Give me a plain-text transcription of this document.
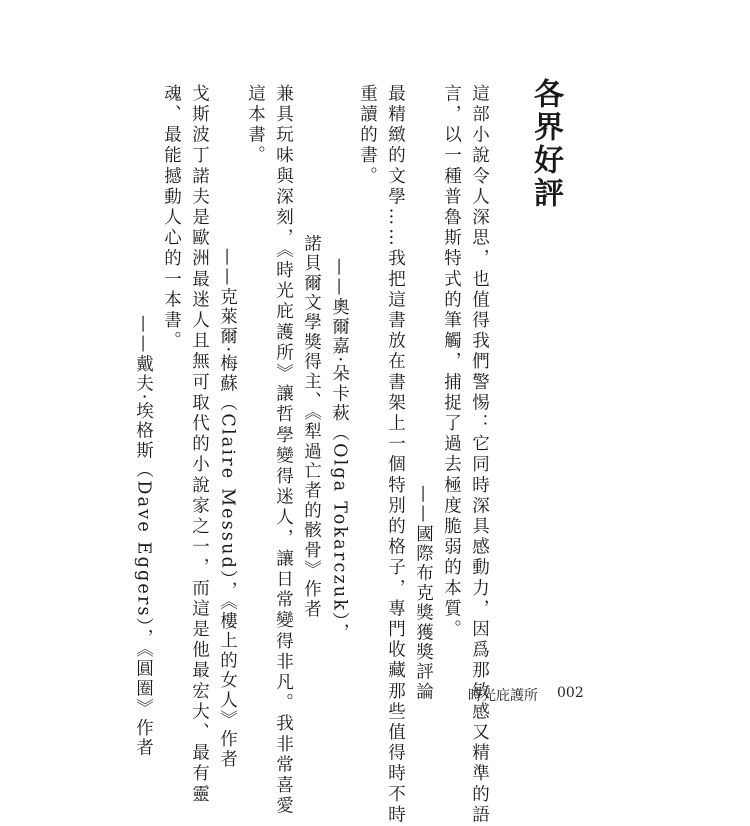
各界好評
這部小說令人深思，也值得我們警惕：它同時深具感動力，因爲那敏感又精準的語
言，以一種普魯斯特式的筆觸，捕捉了過去極度脆弱的本質。
——國際布克獎獲獎評論
最精緻的文學……我把這書放在書架上一個特別的格子，專門收藏那些值得時不時
重讀的書。
——奧爾嘉·朵卡萩（Olga Tokarczuk），
諾貝爾文學獎得主、《犁過亡者的骸骨》作者
兼具玩味與深刻，《時光庇護所》讓哲學變得迷人，讓日常變得非凡。我非常喜愛
這本書。
——克萊爾·梅蘇（Claire Messud），《樓上的女人》作者
戈斯波丁諾夫是歐洲最迷人且無可取代的小說家之一，而這是他最宏大、最有靈
魂、最能撼動人心的一本書。
——戴夫·埃格斯（Dave Eggers），《圓圈》作者	時光庇護所 002
